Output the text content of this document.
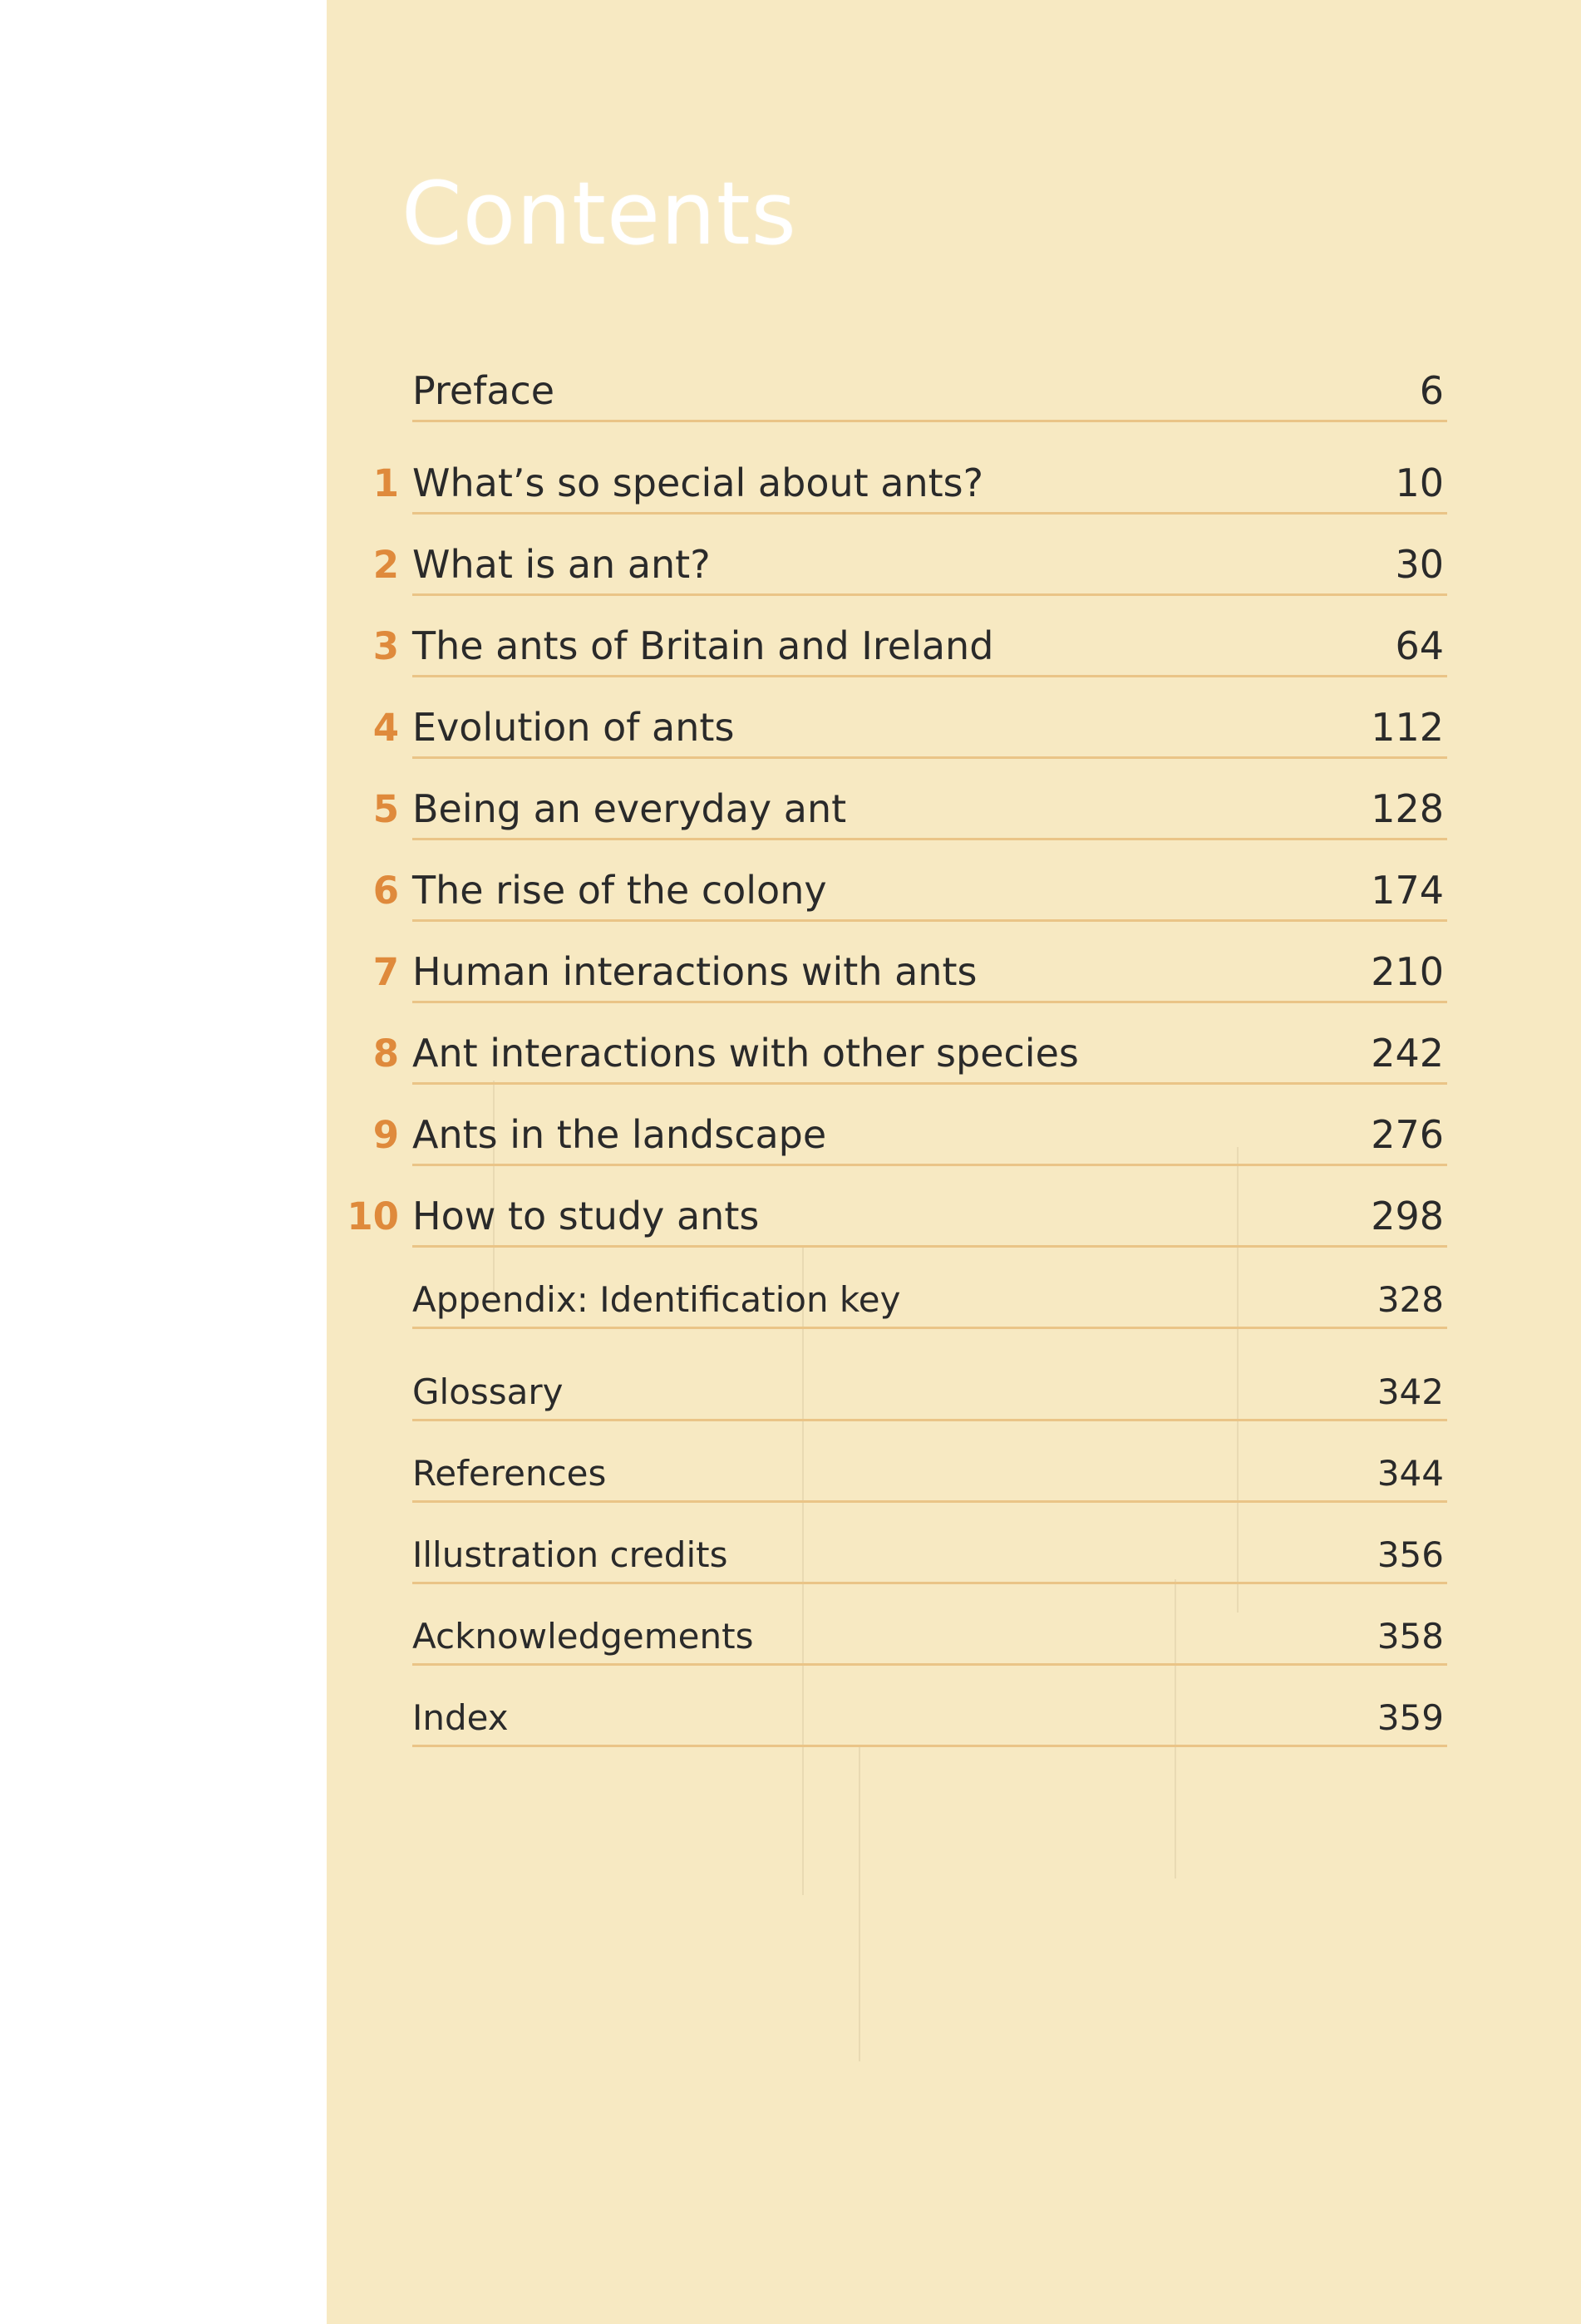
Contents
Preface	6
1 What’s so special about ants?	10
2 What is an ant?	30
3 The ants of Britain and Ireland	64
4 Evolution of ants	112
5 Being an everyday ant	128
6 The rise of the colony	174
7 Human interactions with ants	210
8 Ant interactions with other species	242
9 Ants in the landscape	276
10 How to study ants	298
Appendix: Identification key	328
Glossary	342
References	344
Illustration credits	356
Acknowledgements	358
Index	359
